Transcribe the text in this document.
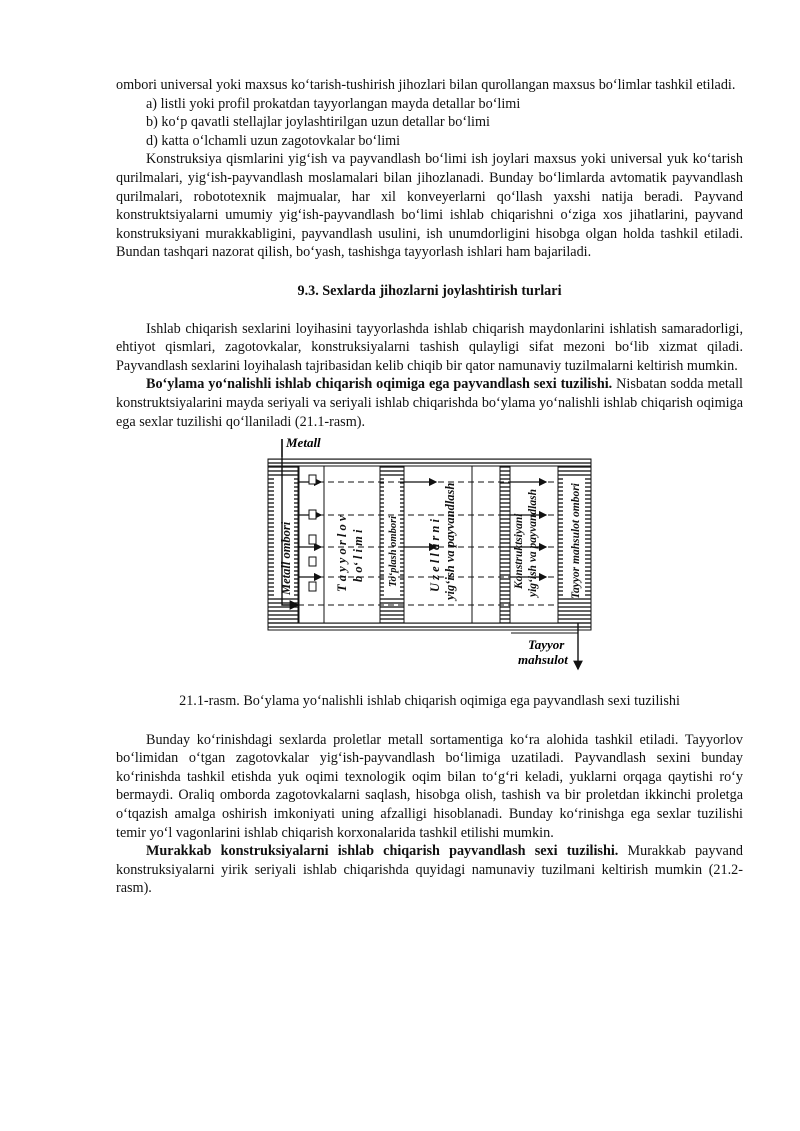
ombori universal yoki maxsus ko‘tarish-tushirish jihozlari bilan qurollangan maxsus bo‘limlar tashkil etiladi.

a) listli yoki profil prokatdan tayyorlangan mayda detallar bo‘limi

b) ko‘p qavatli stellajlar joylashtirilgan uzun detallar bo‘limi

d) katta o‘lchamli uzun zagotovkalar bo‘limi

Konstruksiya qismlarini yig‘ish va payvandlash bo‘limi ish joylari maxsus yoki universal yuk ko‘tarish qurilmalari, yig‘ish-payvandlash moslamalari bilan jihozlanadi. Bunday bo‘limlarda avtomatik payvandlash qurilmalari, robototexnik majmualar, har xil konveyerlarni qo‘llash yaxshi natija beradi. Payvand konstruktsiyalarni umumiy yig‘ish-payvandlash bo‘limi ishlab chiqarishni o‘ziga xos jihatlarini, payvand konstruksiyani murakkabligini, payvandlash usulini, ish unumdorligini hisobga olgan holda tashkil etiladi. Bundan tashqari nazorat qilish, bo‘yash, tashishga tayyorlash ishlari ham bajariladi.

9.3. Sexlarda jihozlarni joylashtirish turlari

Ishlab chiqarish sexlarini loyihasini tayyorlashda ishlab chiqarish maydonlarini ishlatish samaradorligi, ehtiyot qismlari, zagotovkalar, konstruksiyalarni tashish qulayligi sifat mezoni bo‘lib xizmat qiladi. Payvandlash sexlarini loyihalash tajribasidan kelib chiqib bir qator namunaviy tuzilmalarni keltirish mumkin.

Bo‘ylama yo‘nalishli ishlab chiqarish oqimiga ega payvandlash sexi tuzilishi. Nisbatan sodda metall konstruktsiyalarini mayda seriyali va seriyali ishlab chiqarishda bo‘ylama yo‘nalishli ishlab chiqarish oqimiga ega sexlar tuzilishi qo‘llaniladi (21.1-rasm).

Metall
Tayyor
mahsulot
Metall ombori	T a y y o r l o v b o‘ l i m i To‘plash ombori U z e l l a r n i yig‘ish va payvandlash	Konstruktsiyani yig‘ish va payvandlash	Tayyor mahsulot ombori

21.1-rasm. Bo‘ylama yo‘nalishli ishlab chiqarish oqimiga ega payvandlash sexi tuzilishi

Bunday ko‘rinishdagi sexlarda proletlar metall sortamentiga ko‘ra alohida tashkil etiladi. Tayyorlov bo‘limidan o‘tgan zagotovkalar yig‘ish-payvandlash bo‘limiga uzatiladi. Payvandlash sexini bunday ko‘rinishda tashkil etishda yuk oqimi texnologik oqim bilan to‘g‘ri keladi, yuklarni orqaga qaytishi ro‘y bermaydi. Oraliq omborda zagotovkalarni saqlash, hisobga olish, tashish va bir proletdan ikkinchi proletga o‘tqazish amalga oshirish imkoniyati uning afzalligi hisoblanadi. Bunday ko‘rinishga ega sexlar tuzilishi temir yo‘l vagonlarini ishlab chiqarish korxonalarida tashkil etilishi mumkin.

Murakkab konstruksiyalarni ishlab chiqarish payvandlash sexi tuzilishi. Murakkab payvand konstruksiyalarni yirik seriyali ishlab chiqarishda quyidagi namunaviy tuzilmani keltirish mumkin (21.2-rasm).
